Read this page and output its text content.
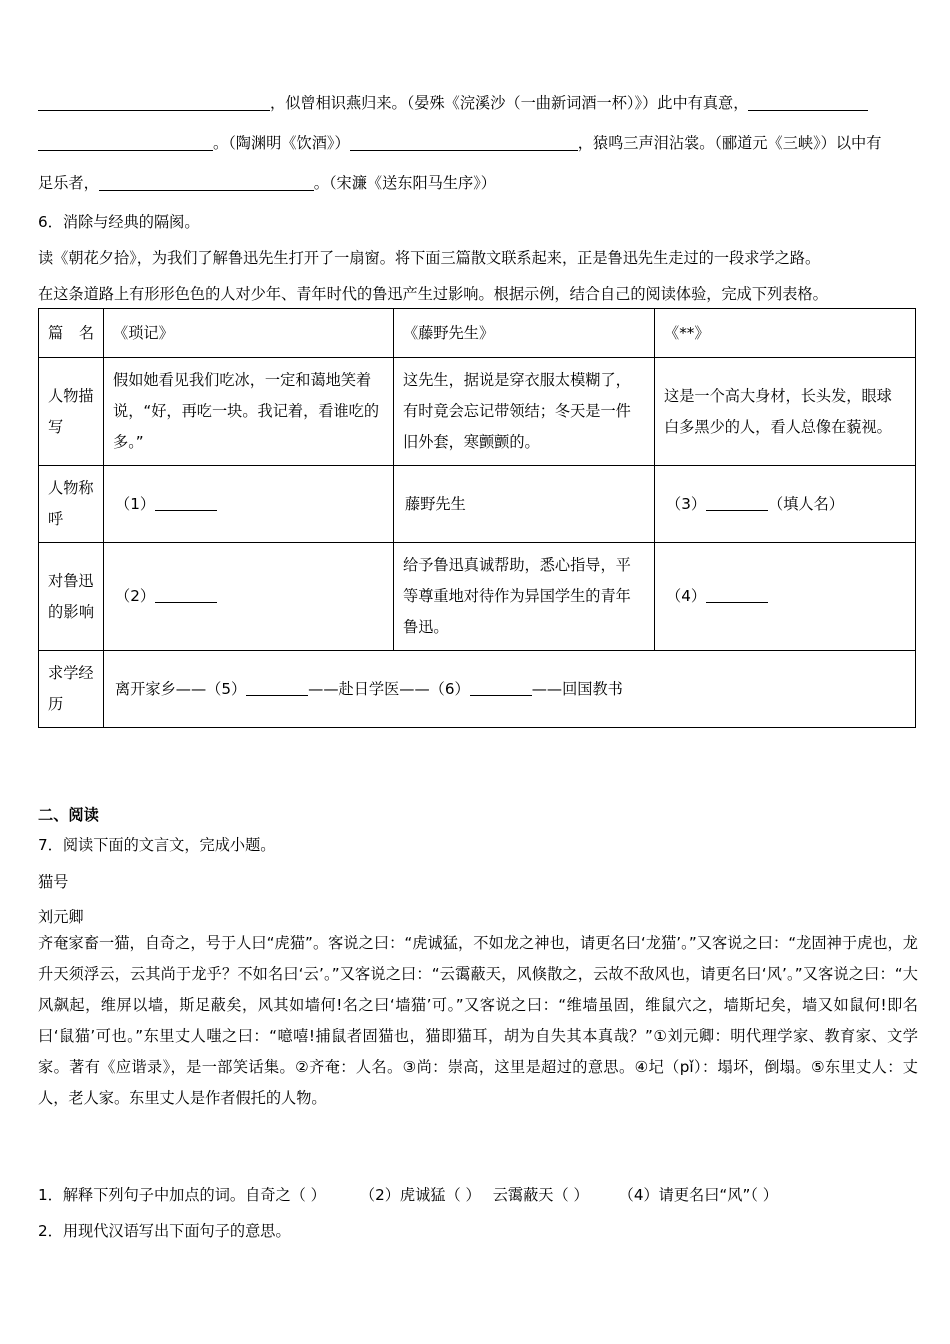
，似曾相识燕归来。（晏殊《浣溪沙（一曲新词酒一杯）》）此中有真意，
。（陶渊明《饮酒》）	，猿鸣三声泪沾裳。（郦道元《三峡》）以中有
足乐者，	。（宋濂《送东阳马生序》）
6．消除与经典的隔阂。
读《朝花夕拾》，为我们了解鲁迅先生打开了一扇窗。将下面三篇散文联系起来，正是鲁迅先生走过的一段求学之路。
在这条道路上有形形色色的人对少年、青年时代的鲁迅产生过影响。根据示例，结合自己的阅读体验，完成下列表格。
篇名	《琐记》	《藤野先生》	《**》
人物描写	假如她看见我们吃冰，一定和蔼地笑着说，“好，再吃一块。我记着，看谁吃的多。”	这先生，据说是穿衣服太模糊了，有时竟会忘记带领结；冬天是一件旧外套，寒颤颤的。	这是一个高大身材，长头发，眼球白多黑少的人，看人总像在藐视。
人物称呼	（1）	藤野先生	（3） （填人名）
对鲁迅的影响	（2）	给予鲁迅真诚帮助，悉心指导，平等尊重地对待作为异国学生的青年鲁迅。	（4）
求学经历	离开家乡——（5） ——赴日学医——（6） ——回国教书		
二、阅读
7．阅读下面的文言文，完成小题。
猫号
刘元卿
齐奄家畜一猫，自奇之，号于人曰“虎猫”。客说之曰：“虎诚猛，不如龙之神也，请更名曰‘龙猫’。”又客说之曰：“龙固神于虎也，龙升天须浮云，云其尚于龙乎？不如名曰‘云’。”又客说之曰：“云霭蔽天，风倏散之，云故不敌风也，请更名曰‘风’。”又客说之曰：“大风飙起，维屏以墙，斯足蔽矣，风其如墙何!名之曰‘墙猫’可。”又客说之曰：“维墙虽固，维鼠穴之，墙斯圮矣，墙又如鼠何!即名曰‘鼠猫’可也。”东里丈人嗤之曰：“噫嘻!捕鼠者固猫也，猫即猫耳，胡为自失其本真哉？”①刘元卿：明代理学家、教育家、文学家。著有《应谐录》，是一部笑话集。②齐奄：人名。③尚：崇高，这里是超过的意思。④圮（pǐ）：塌坏，倒塌。⑤东里丈人：丈人，老人家。东里丈人是作者假托的人物。
1．解释下列句子中加点的词。自奇之（ ） （2）虎诚猛（ ） 云霭蔽天（ ） （4）请更名曰“风”（ ）
2．用现代汉语写出下面句子的意思。
